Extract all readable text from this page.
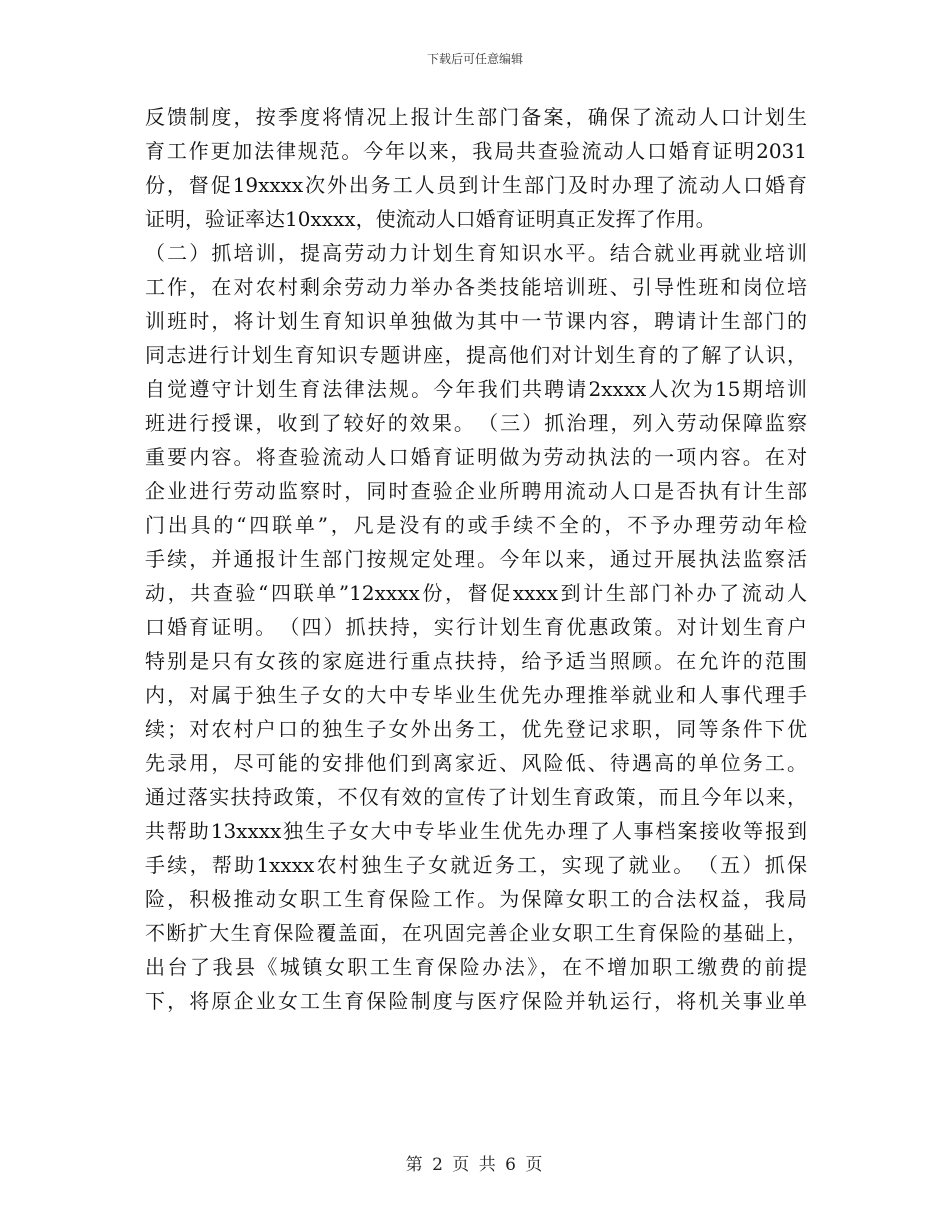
下载后可任意编辑

反馈制度，按季度将情况上报计生部门备案，确保了流动人口计划生

育工作更加法律规范。今年以来，我局共查验流动人口婚育证明2031

份，督促19xxxx次外出务工人员到计生部门及时办理了流动人口婚育

证明，验证率达10xxxx，使流动人口婚育证明真正发挥了作用。

（二）抓培训，提高劳动力计划生育知识水平。结合就业再就业培训

工作，在对农村剩余劳动力举办各类技能培训班、引导性班和岗位培

训班时，将计划生育知识单独做为其中一节课内容，聘请计生部门的

同志进行计划生育知识专题讲座，提高他们对计划生育的了解了认识，

自觉遵守计划生育法律法规。今年我们共聘请2xxxx人次为15期培训

班进行授课，收到了较好的效果。　（三）抓治理，列入劳动保障监察

重要内容。将查验流动人口婚育证明做为劳动执法的一项内容。在对

企业进行劳动监察时，同时查验企业所聘用流动人口是否执有计生部

门出具的“四联单”，凡是没有的或手续不全的，不予办理劳动年检

手续，并通报计生部门按规定处理。今年以来，通过开展执法监察活

动，共查验“四联单”12xxxx份，督促xxxx到计生部门补办了流动人

口婚育证明。　（四）抓扶持，实行计划生育优惠政策。对计划生育户

特别是只有女孩的家庭进行重点扶持，给予适当照顾。在允许的范围

内，对属于独生子女的大中专毕业生优先办理推举就业和人事代理手

续；对农村户口的独生子女外出务工，优先登记求职，同等条件下优

先录用，尽可能的安排他们到离家近、风险低、待遇高的单位务工。

通过落实扶持政策，不仅有效的宣传了计划生育政策，而且今年以来，

共帮助13xxxx独生子女大中专毕业生优先办理了人事档案接收等报到

手续，帮助1xxxx农村独生子女就近务工，实现了就业。　（五）抓保

险，积极推动女职工生育保险工作。为保障女职工的合法权益，我局

不断扩大生育保险覆盖面，在巩固完善企业女职工生育保险的基础上，

出台了我县《城镇女职工生育保险办法》，在不增加职工缴费的前提

下，将原企业女工生育保险制度与医疗保险并轨运行，将机关事业单

第 2 页 共 6 页
